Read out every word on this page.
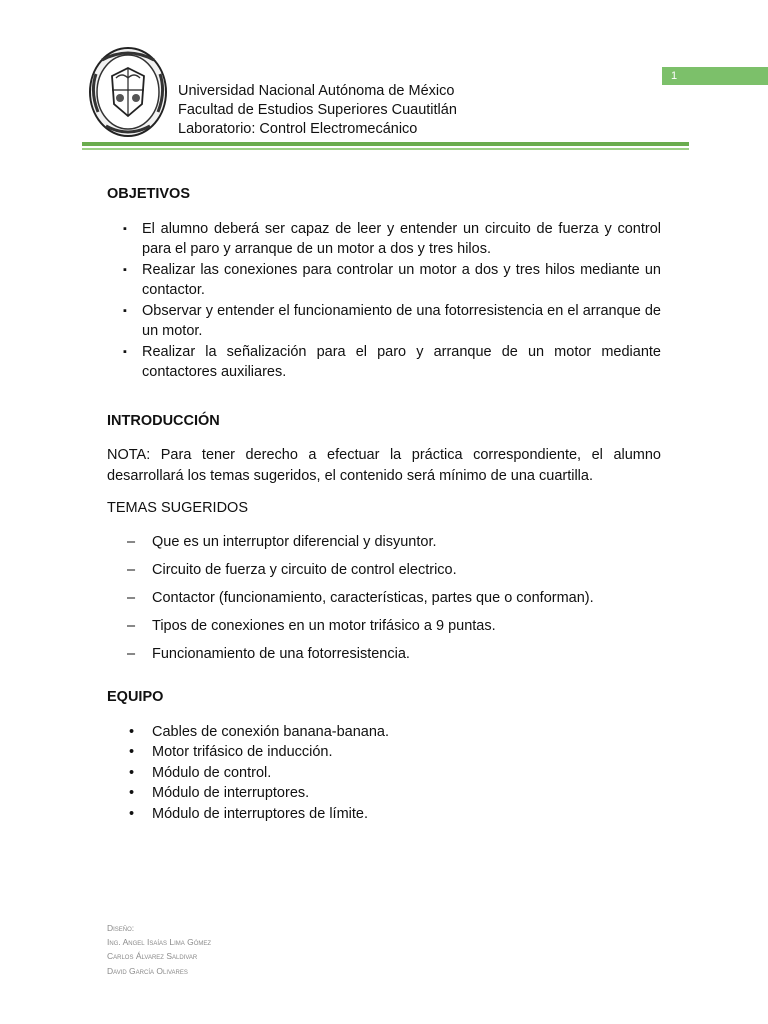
Universidad Nacional Autónoma de México
Facultad de Estudios Superiores Cuautitlán
Laboratorio: Control Electromecánico
1
OBJETIVOS
▪ El alumno deberá ser capaz de leer y entender un circuito de fuerza y control para el paro y arranque de un motor a dos y tres hilos.
▪ Realizar las conexiones para controlar un motor a dos y tres hilos mediante un contactor.
▪ Observar y entender el funcionamiento de una fotorresistencia en el arranque de un motor.
▪ Realizar la señalización para el paro y arranque de un motor mediante contactores auxiliares.
INTRODUCCIÓN

NOTA: Para tener derecho a efectuar la práctica correspondiente, el alumno desarrollará los temas sugeridos, el contenido será mínimo de una cuartilla.

TEMAS SUGERIDOS

– Que es un interruptor diferencial y disyuntor.
– Circuito de fuerza y circuito de control electrico.
– Contactor (funcionamiento, características, partes que o conforman).
– Tipos de conexiones en un motor trifásico a 9 puntas.
– Funcionamiento de una fotorresistencia.
EQUIPO
• Cables de conexión banana-banana.
• Motor trifásico de inducción.
• Módulo de control.
• Módulo de interruptores.
• Módulo de interruptores de límite.
Diseño:
Ing. Angel Isaías Lima Gómez
Carlos Álvarez Saldivar
David García Olivares
